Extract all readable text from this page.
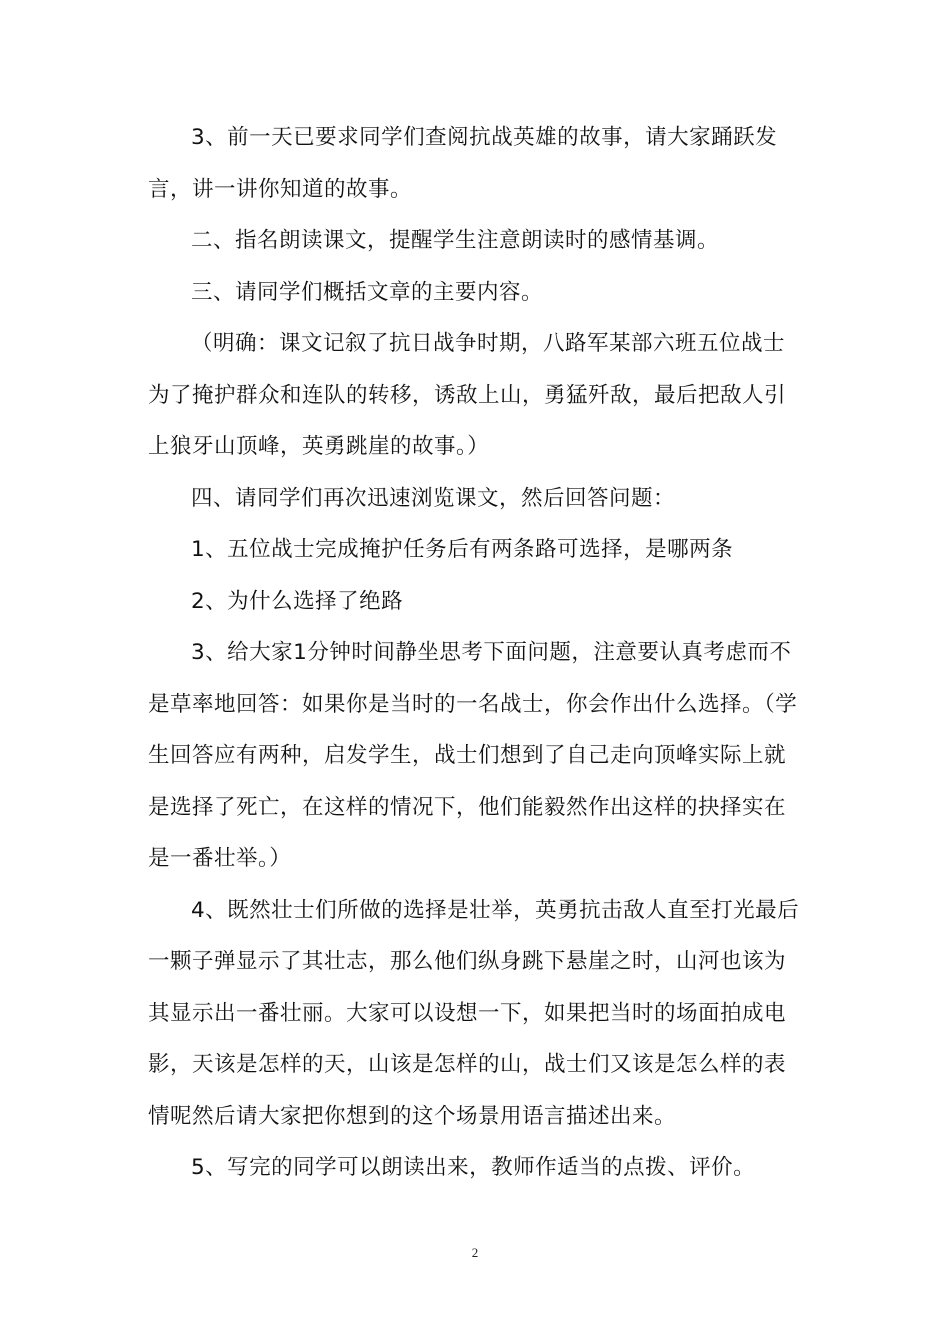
3、前一天已要求同学们查阅抗战英雄的故事，请大家踊跃发言，讲一讲你知道的故事。

二、指名朗读课文，提醒学生注意朗读时的感情基调。

三、请同学们概括文章的主要内容。

（明确：课文记叙了抗日战争时期，八路军某部六班五位战士为了掩护群众和连队的转移，诱敌上山，勇猛歼敌，最后把敌人引上狼牙山顶峰，英勇跳崖的故事。）

四、请同学们再次迅速浏览课文，然后回答问题：

1、五位战士完成掩护任务后有两条路可选择，是哪两条

2、为什么选择了绝路

3、给大家1分钟时间静坐思考下面问题，注意要认真考虑而不是草率地回答：如果你是当时的一名战士，你会作出什么选择。（学生回答应有两种，启发学生，战士们想到了自己走向顶峰实际上就是选择了死亡，在这样的情况下，他们能毅然作出这样的抉择实在是一番壮举。）

4、既然壮士们所做的选择是壮举，英勇抗击敌人直至打光最后一颗子弹显示了其壮志，那么他们纵身跳下悬崖之时，山河也该为其显示出一番壮丽。大家可以设想一下，如果把当时的场面拍成电影，天该是怎样的天，山该是怎样的山，战士们又该是怎么样的表情呢然后请大家把你想到的这个场景用语言描述出来。

5、写完的同学可以朗读出来，教师作适当的点拨、评价。

2
